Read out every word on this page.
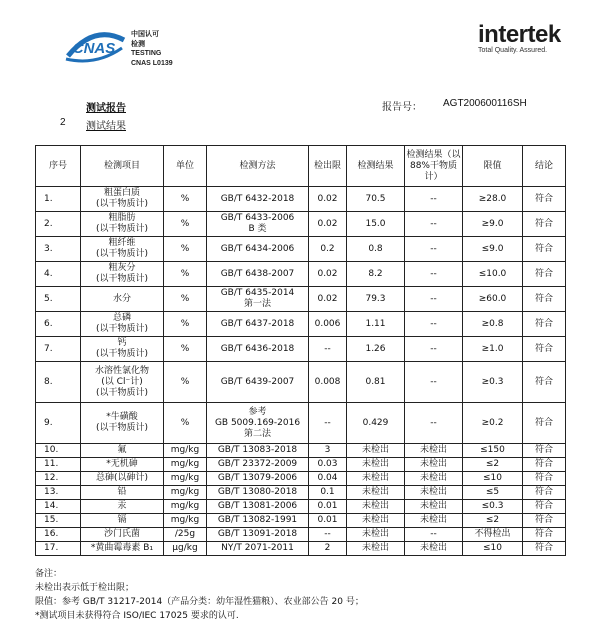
CNAS
中国认可
检测
TESTING
CNAS L0139
intertek
Total Quality. Assured.
测试报告	报告号： AGT200600116SH
2 测试结果
序号	检测项目	单位	检测方法	检出限	检测结果	检测结果（以 88%干物质计）	限值	结论

1.	粗蛋白质
(以干物质计)	%	GB/T 6432-2018	0.02	70.5	--	≥28.0	符合

2.	粗脂肪
(以干物质计)	%	GB/T 6433-2006
B 类	0.02	15.0	--	≥9.0	符合

3.	粗纤维
(以干物质计)	%	GB/T 6434-2006	0.2	0.8	--	≤9.0	符合

4.	粗灰分
(以干物质计)	%	GB/T 6438-2007	0.02	8.2	--	≤10.0	符合

5.	水分	%	GB/T 6435-2014
第一法	0.02	79.3	--	≥60.0	符合

6.	总磷
(以干物质计)	%	GB/T 6437-2018	0.006	1.11	--	≥0.8	符合

7.	钙
(以干物质计)	%	GB/T 6436-2018	--	1.26	--	≥1.0	符合

8.	水溶性氯化物
(以 Cl⁻计)
(以干物质计)	%	GB/T 6439-2007	0.008	0.81	--	≥0.3	符合

9.	*牛磺酸
(以干物质计)	%	参考
GB 5009.169-2016
第二法	--	0.429	--	≥0.2	符合

10.	氟	mg/kg	GB/T 13083-2018	3	未检出	未检出	≤150	符合

11.	*无机砷	mg/kg	GB/T 23372-2009	0.03	未检出	未检出	≤2	符合

12.	总砷(以砷计)	mg/kg	GB/T 13079-2006	0.04	未检出	未检出	≤10	符合

13.	铅	mg/kg	GB/T 13080-2018	0.1	未检出	未检出	≤5	符合

14.	汞	mg/kg	GB/T 13081-2006	0.01	未检出	未检出	≤0.3	符合

15.	镉	mg/kg	GB/T 13082-1991	0.01	未检出	未检出	≤2	符合

16.	沙门氏菌	/25g	GB/T 13091-2018	--	未检出	--	不得检出	符合

17.	*黄曲霉毒素 B₁	μg/kg	NY/T 2071-2011	2	未检出	未检出	≤10	符合
备注：
未检出表示低于检出限；
限值：参考 GB/T 31217-2014（产品分类：幼年湿性猫粮）、农业部公告 20 号；
*测试项目未获得符合 ISO/IEC 17025 要求的认可.
